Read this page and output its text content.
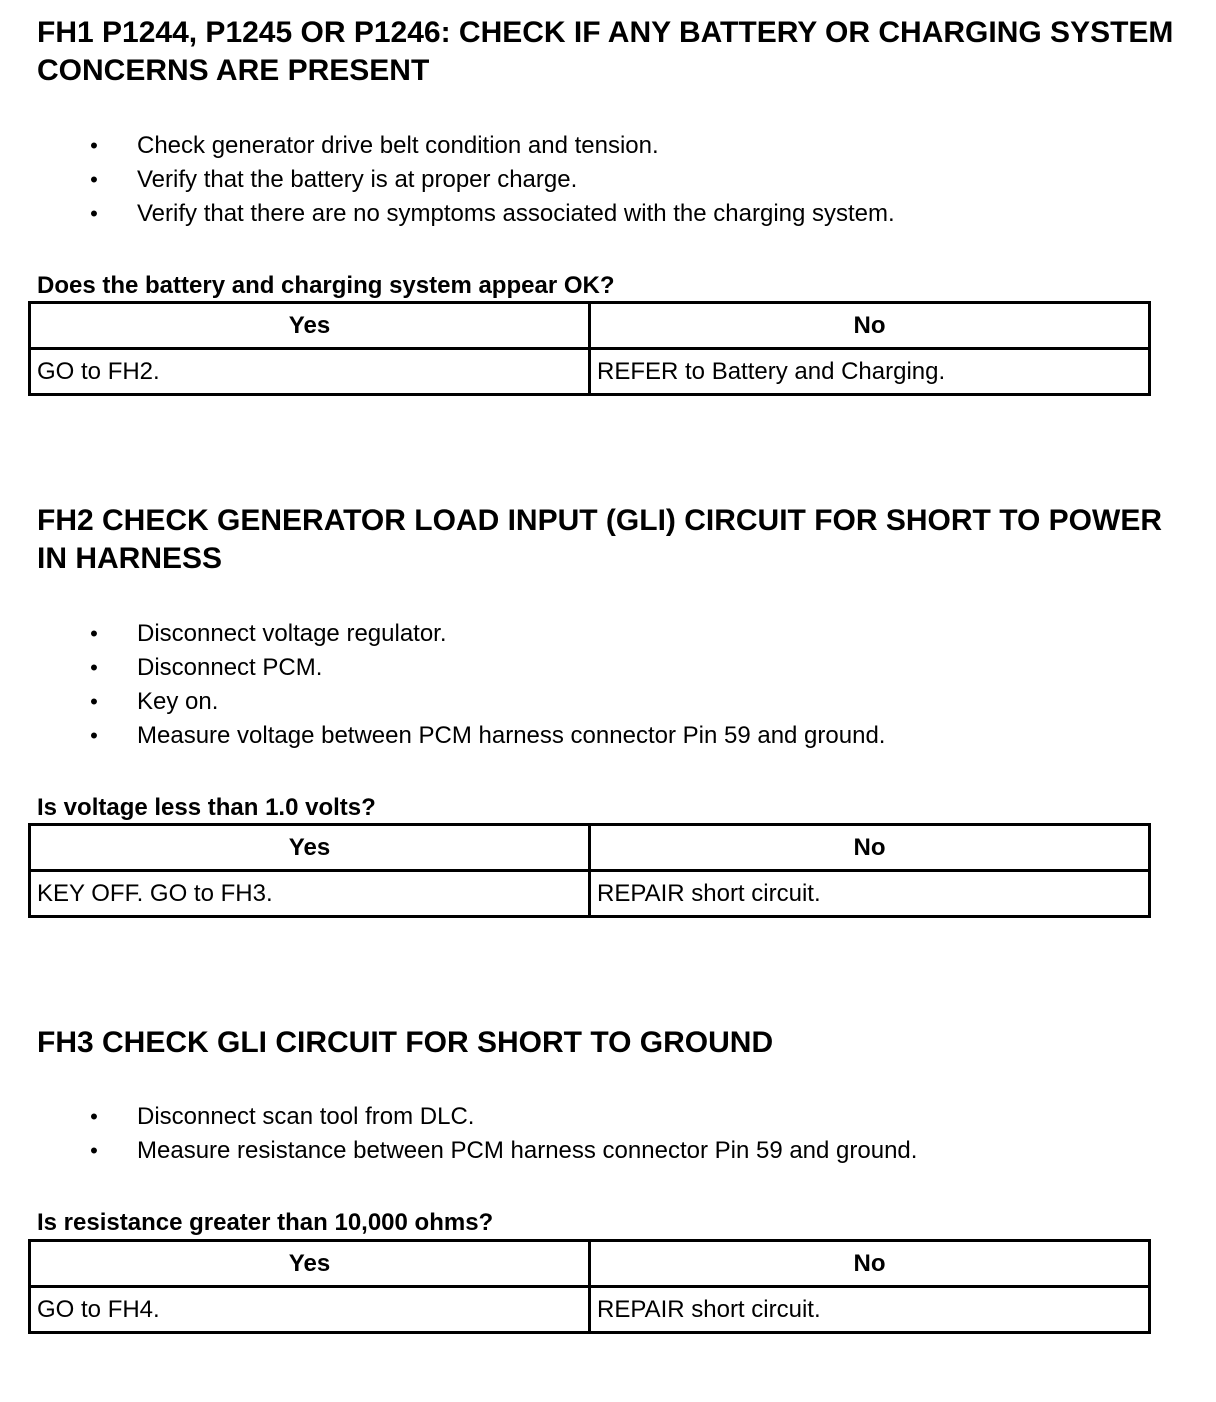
FH1 P1244, P1245 OR P1246: CHECK IF ANY BATTERY OR CHARGING SYSTEM CONCERNS ARE PRESENT
• Check generator drive belt condition and tension.
• Verify that the battery is at proper charge.
• Verify that there are no symptoms associated with the charging system.

Does the battery and charging system appear OK?

Yes	No
GO to FH2.	REFER to Battery and Charging.
FH2 CHECK GENERATOR LOAD INPUT (GLI) CIRCUIT FOR SHORT TO POWER IN HARNESS
• Disconnect voltage regulator.
• Disconnect PCM.
• Key on.
• Measure voltage between PCM harness connector Pin 59 and ground.

Is voltage less than 1.0 volts?

Yes	No
KEY OFF. GO to FH3.	REPAIR short circuit.
FH3 CHECK GLI CIRCUIT FOR SHORT TO GROUND
• Disconnect scan tool from DLC.
• Measure resistance between PCM harness connector Pin 59 and ground.

Is resistance greater than 10,000 ohms?

Yes	No
GO to FH4.	REPAIR short circuit.
